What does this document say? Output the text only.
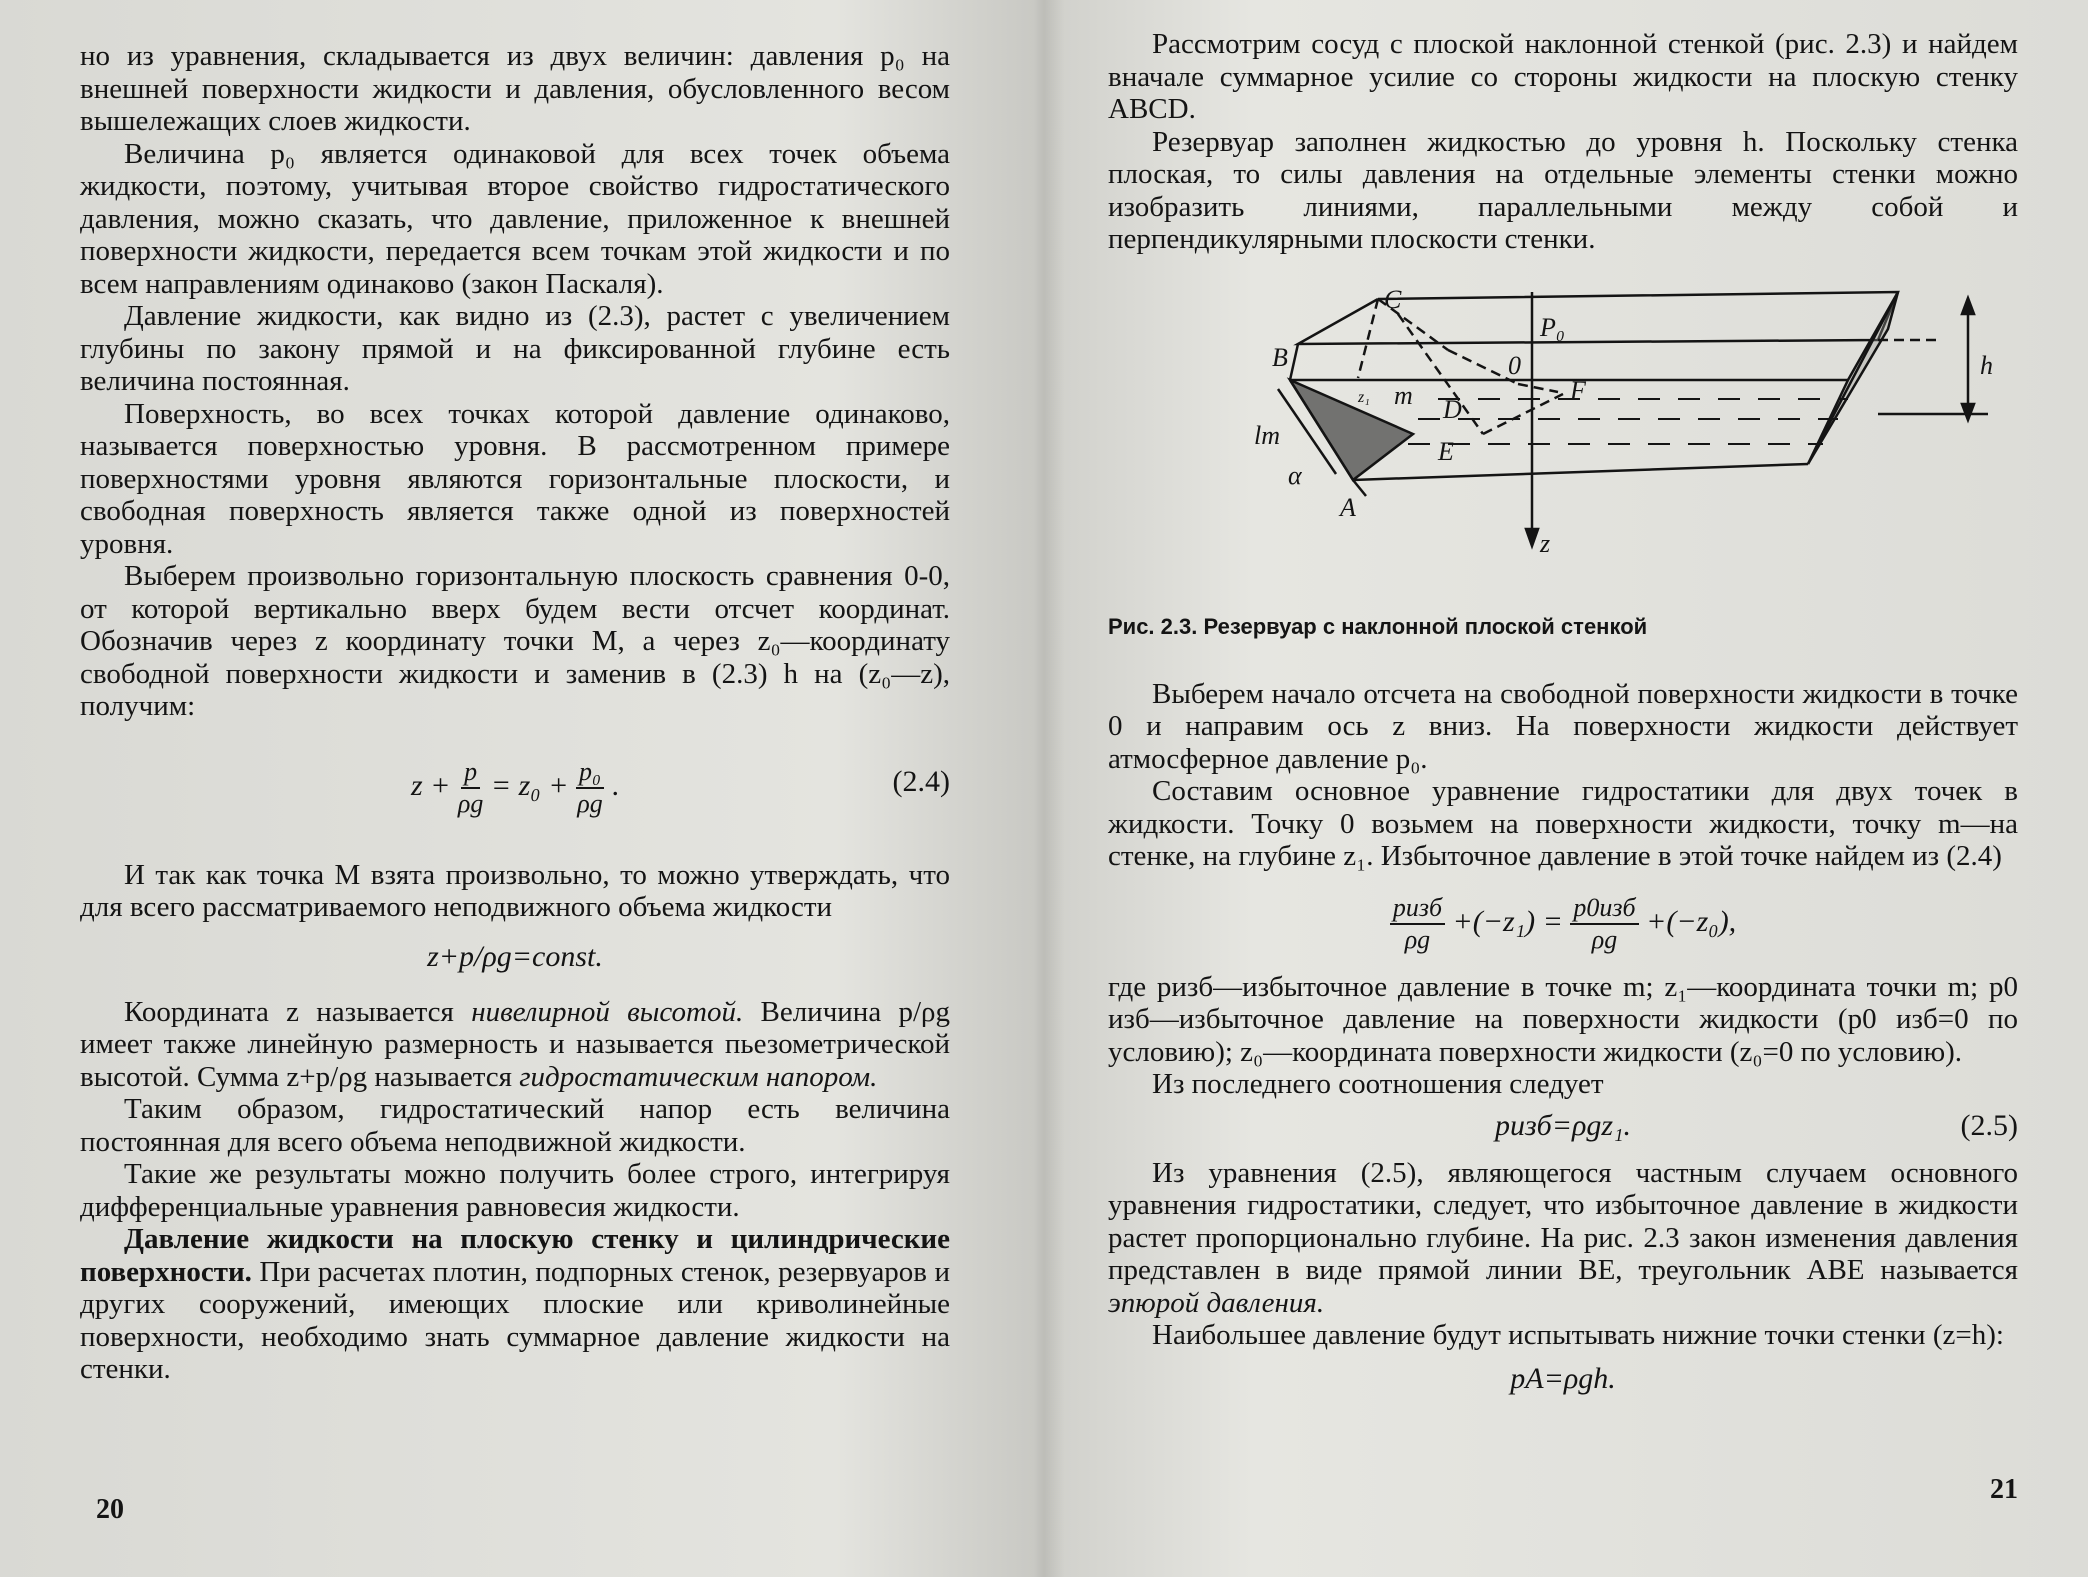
но из уравнения, складывается из двух величин: давления p₀ на внешней поверхности жидкости и давления, обусловленного весом вышележащих слоев жидкости.

Величина p₀ является одинаковой для всех точек объема жидкости, поэтому, учитывая второе свойство гидростатического давления, можно сказать, что давление, приложенное к внешней поверхности жидкости, передается всем точкам этой жидкости и по всем направлениям одинаково (закон Паскаля).

Давление жидкости, как видно из (2.3), растет с увеличением глубины по закону прямой и на фиксированной глубине есть величина постоянная.

Поверхность, во всех точках которой давление одинаково, называется поверхностью уровня. В рассмотренном примере поверхностями уровня являются горизонтальные плоскости, и свободная поверхность является также одной из поверхностей уровня.

Выберем произвольно горизонтальную плоскость сравнения 0-0, от которой вертикально вверх будем вести отсчет координат. Обозначив через z координату точки M, а через z₀—координату свободной поверхности жидкости и заменив в (2.3) h на (z₀—z), получим:

$z + \frac{p}{\rho g} = z_0 + \frac{\text{p₀}}{\rho g}$ .	(2.4)

И так как точка M взята произвольно, то можно утверждать, что для всего рассматриваемого неподвижного объема жидкости

z+p/ρg=const.

Координата z называется нивелирной высотой. Величина p/ρg имеет также линейную размерность и называется пьезометрической высотой. Сумма z+p/ρg называется гидростатическим напором.

Таким образом, гидростатический напор есть величина постоянная для всего объема неподвижной жидкости.

Такие же результаты можно получить более строго, интегрируя дифференциальные уравнения равновесия жидкости.

Давление жидкости на плоскую стенку и цилиндрические поверхности. При расчетах плотин, подпорных стенок, резервуаров и других сооружений, имеющих плоские или криволинейные поверхности, необходимо знать суммарное давление жидкости на стенки.

20

Рассмотрим сосуд с плоской наклонной стенкой (рис. 2.3) и найдем вначале суммарное усилие со стороны жидкости на плоскую стенку ABCD.

Резервуар заполнен жидкостью до уровня h. Поскольку стенка плоская, то силы давления на отдельные элементы стенки можно изобразить линиями, параллельными между собой и перпендикулярными плоскости стенки.

C
B
A
D
E
F
m
P₀
0	h
z
lm
α
z₁
Рис. 2.3. Резервуар с наклонной плоской стенкой

Выберем начало отсчета на свободной поверхности жидкости в точке 0 и направим ось z вниз. На поверхности жидкости действует атмосферное давление p₀.

Составим основное уравнение гидростатики для двух точек в жидкости. Точку 0 возьмем на поверхности жидкости, точку m—на стенке, на глубине z₁. Избыточное давление в этой точке найдем из (2.4)

$\frac{\text{pизб}}{\rho g} +(-z_1) = \frac{\text{p0изб}}{\rho g} +(-z_0)$,

где pизб—избыточное давление в точке m; z₁—координата точки m; p0 изб—избыточное давление на поверхности жидкости (p0 изб=0 по условию); z₀—координата поверхности жидкости (z₀=0 по условию).

Из последнего соотношения следует

pизб=ρgz₁.	(2.5)

Из уравнения (2.5), являющегося частным случаем основного уравнения гидростатики, следует, что избыточное давление в жидкости растет пропорционально глубине. На рис. 2.3 закон изменения давления представлен в виде прямой линии BE, треугольник ABE называется эпюрой давления.

Наибольшее давление будут испытывать нижние точки стенки (z=h):

pA=ρgh.
21
